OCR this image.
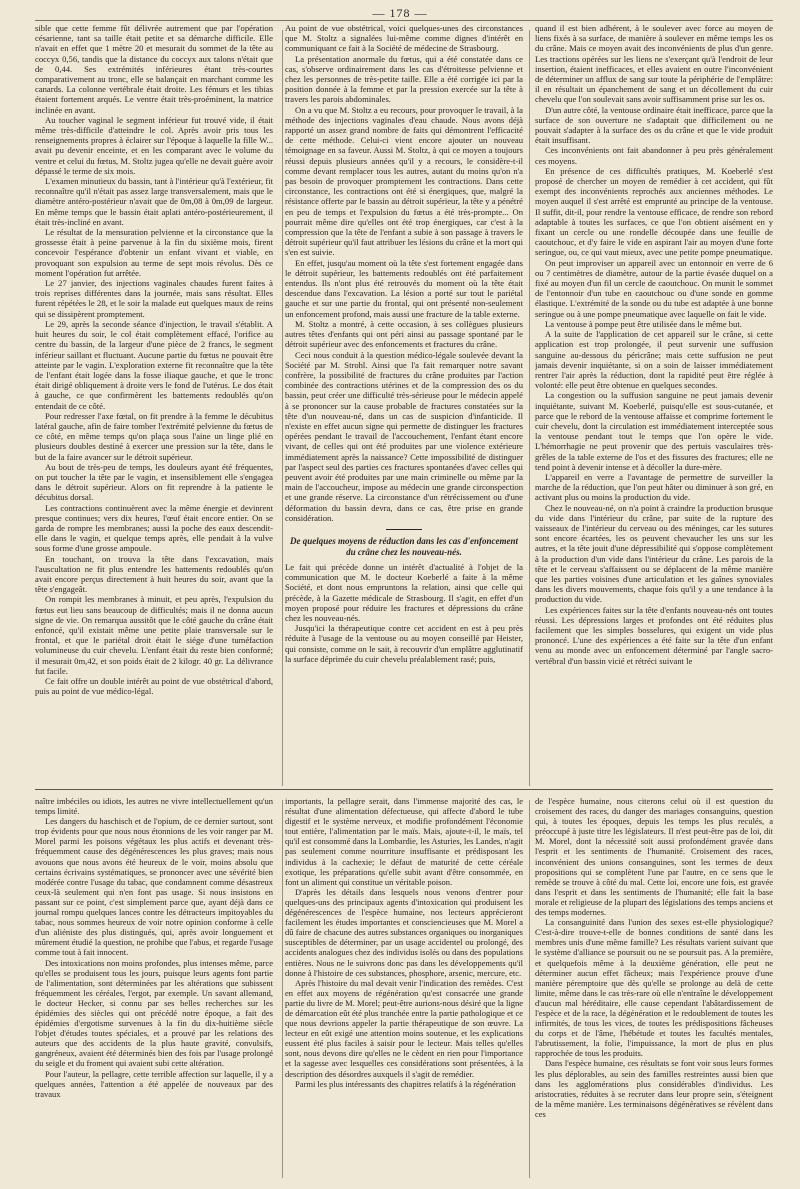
— 178 —

sible que cette femme fût délivrée autrement que par l'opération césarienne, tant sa taille était petite et sa démarche difficile. Elle n'avait en effet que 1 mètre 20 et mesurait du sommet de la tête au coccyx 0,56, tandis que la distance du coccyx aux talons n'était que de 0,44. Ses extrémités inférieures étant très-courtes comparativement au tronc, elle se balançait en marchant comme les canards. La colonne vertébrale était droite. Les fémurs et les tibias étaient fortement arqués. Le ventre était très-proéminent, la matrice inclinée en avant.

Au toucher vaginal le segment inférieur fut trouvé vide, il était même très-difficile d'atteindre le col. Après avoir pris tous les renseignements propres à éclairer sur l'époque à laquelle la fille W... avait pu devenir enceinte, et en les comparant avec le volume du ventre et celui du fœtus, M. Stoltz jugea qu'elle ne devait guère avoir dépassé le terme de six mois.

L'examen minutieux du bassin, tant à l'intérieur qu'à l'extérieur, fit reconnaître qu'il n'était pas assez large transversalement, mais que le diamètre antéro-postérieur n'avait que de 0m,08 à 0m,09 de largeur. En même temps que le bassin était aplati antéro-postérieurement, il était très-incliné en avant.

Le résultat de la mensuration pelvienne et la circonstance que la grossesse était à peine parvenue à la fin du sixième mois, firent concevoir l'espérance d'obtenir un enfant vivant et viable, en provoquant son expulsion au terme de sept mois révolus. Dès ce moment l'opération fut arrêtée.

Le 27 janvier, des injections vaginales chaudes furent faites à trois reprises différentes dans la journée, mais sans résultat. Elles furent répétées le 28, et le soir la malade eut quelques maux de reins qui se dissipèrent promptement.

Le 29, après la seconde séance d'injection, le travail s'établit. A huit heures du soir, le col était complètement effacé, l'orifice au centre du bassin, de la largeur d'une pièce de 2 francs, le segment inférieur saillant et fluctuant. Aucune partie du fœtus ne pouvait être atteinte par le vagin. L'exploration externe fit reconnaître que la tête de l'enfant était logée dans la fosse iliaque gauche, et que le tronc était dirigé obliquement à droite vers le fond de l'utérus. Le dos était à gauche, ce que confirmèrent les battements redoublés qu'on entendait de ce côté.

Pour redresser l'axe fœtal, on fit prendre à la femme le décubitus latéral gauche, afin de faire tomber l'extrémité pelvienne du fœtus de ce côté, en même temps qu'on plaça sous l'aine un linge plié en plusieurs doubles destiné à exercer une pression sur la tête, dans le but de la faire avancer sur le détroit supérieur.

Au bout de très-peu de temps, les douleurs ayant été fréquentes, on put toucher la tête par le vagin, et insensiblement elle s'engagea dans le détroit supérieur. Alors on fit reprendre à la patiente le décubitus dorsal.

Les contractions continuèrent avec la même énergie et devinrent presque continues; vers dix heures, l'œuf était encore entier. On se garda de rompre les membranes; aussi la poche des eaux descendit-elle dans le vagin, et quelque temps après, elle pendait à la vulve sous forme d'une grosse ampoule.

En touchant, on trouva la tête dans l'excavation, mais l'auscultation ne fit plus entendre les battements redoublés qu'on avait encore perçus directement à huit heures du soir, avant que la tête s'engageât.

On rompit les membranes à minuit, et peu après, l'expulsion du fœtus eut lieu sans beaucoup de difficultés; mais il ne donna aucun signe de vie. On remarqua aussitôt que le côté gauche du crâne était enfoncé, qu'il existait même une petite plaie transversale sur le frontal, et que le pariétal droit était le siége d'une tuméfaction volumineuse du cuir chevelu. L'enfant était du reste bien conformé; il mesurait 0m,42, et son poids était de 2 kilogr. 40 gr. La délivrance fut facile.

Ce fait offre un double intérêt au point de vue obstétrical d'abord, puis au point de vue médico-légal.

Au point de vue obstétrical, voici quelques-unes des circonstances que M. Stoltz a signalées lui-même comme dignes d'intérêt en communiquant ce fait à la Société de médecine de Strasbourg.

La présentation anormale du fœtus, qui a été constatée dans ce cas, s'observe ordinairement dans les cas d'étroitesse pelvienne et chez les personnes de très-petite taille. Elle a été corrigée ici par la position donnée à la femme et par la pression exercée sur la tête à travers les parois abdominales.

On a vu que M. Stoltz a eu recours, pour provoquer le travail, à la méthode des injections vaginales d'eau chaude. Nous avons déjà rapporté un assez grand nombre de faits qui démontrent l'efficacité de cette méthode. Celui-ci vient encore ajouter un nouveau témoignage en sa faveur. Aussi M. Stoltz, à qui ce moyen a toujours réussi depuis plusieurs années qu'il y a recours, le considère-t-il comme devant remplacer tous les autres, autant du moins qu'on n'a pas besoin de provoquer promptement les contractions. Dans cette circonstance, les contractions ont été si énergiques, que, malgré la résistance offerte par le bassin au détroit supérieur, la tête y a pénétré en peu de temps et l'expulsion du fœtus a été très-prompte... On pourrait même dire qu'elles ont été trop énergiques, car c'est à la compression que la tête de l'enfant a subie à son passage à travers le détroit supérieur qu'il faut attribuer les lésions du crâne et la mort qui s'en est suivie.

En effet, jusqu'au moment où la tête s'est fortement engagée dans le détroit supérieur, les battements redoublés ont été parfaitement entendus. Ils n'ont plus été retrouvés du moment où la tête était descendue dans l'excavation. La lésion a porté sur tout le pariétal gauche et sur une partie du frontal, qui ont présenté non-seulement un enfoncement profond, mais aussi une fracture de la table externe.

M. Stoltz a montré, à cette occasion, à ses collègues plusieurs autres têtes d'enfants qui ont péri ainsi au passage spontané par le détroit supérieur avec des enfoncements et fractures du crâne.

Ceci nous conduit à la question médico-légale soulevée devant la Société par M. Strohl. Ainsi que l'a fait remarquer notre savant confrère, la possibilité de fractures du crâne produites par l'action combinée des contractions utérines et de la compression des os du bassin, peut créer une difficulté très-sérieuse pour le médecin appelé à se prononcer sur la cause probable de fractures constatées sur la tête d'un nouveau-né, dans un cas de suspicion d'infanticide. Il n'existe en effet aucun signe qui permette de distinguer les fractures opérées pendant le travail de l'accouchement, l'enfant étant encore vivant, de celles qui ont été produites par une violence extérieure immédiatement après la naissance? Cette impossibilité de distinguer par l'aspect seul des parties ces fractures spontanées d'avec celles qui peuvent avoir été produites par une main criminelle ou même par la main de l'accoucheur, impose au médecin une grande circonspection et une grande réserve. La circonstance d'un rétrécissement ou d'une déformation du bassin devra, dans ce cas, être prise en grande considération.

De quelques moyens de réduction dans les cas d'enfoncement du crâne chez les nouveau-nés.

Le fait qui précède donne un intérêt d'actualité à l'objet de la communication que M. le docteur Koeberlé a faite à la même Société, et dont nous empruntons la relation, ainsi que celle qui précède, à la Gazette médicale de Strasbourg. Il s'agit, en effet d'un moyen proposé pour réduire les fractures et dépressions du crâne chez les nouveau-nés.

Jusqu'ici la thérapeutique contre cet accident en est à peu près réduite à l'usage de la ventouse ou au moyen conseillé par Heister, qui consiste, comme on le sait, à recouvrir d'un emplâtre agglutinatif la surface déprimée du cuir chevelu préalablement rasé; puis,

quand il est bien adhérent, à le soulever avec force au moyen de liens fixés à sa surface, de manière à soulever en même temps les os du crâne. Mais ce moyen avait des inconvénients de plus d'un genre. Les tractions opérées sur les liens ne s'exerçant qu'à l'endroit de leur insertion, étaient inefficaces, et elles avaient en outre l'inconvénient de déterminer un afflux de sang sur toute la périphérie de l'emplâtre: il en résultait un épanchement de sang et un décollement du cuir chevelu que l'on soulevait sans avoir suffisamment prise sur les os.

D'un autre côté, la ventouse ordinaire était inefficace, parce que la surface de son ouverture ne s'adaptait que difficilement ou ne pouvait s'adapter à la surface des os du crâne et que le vide produit était insuffisant.

Ces inconvénients ont fait abandonner à peu près généralement ces moyens.

En présence de ces difficultés pratiques, M. Koeberlé s'est proposé de chercher un moyen de remédier à cet accident, qui fût exempt des inconvénients reprochés aux anciennes méthodes. Le moyen auquel il s'est arrêté est emprunté au principe de la ventouse. Il suffit, dit-il, pour rendre la ventouse efficace, de rendre son rebord adaptable à toutes les surfaces, ce que l'on obtient aisément en y fixant un cercle ou une rondelle découpée dans une feuille de caoutchouc, et d'y faire le vide en aspirant l'air au moyen d'une forte seringue, ou, ce qui vaut mieux, avec une petite pompe pneumatique.

On peut improviser un appareil avec un entonnoir en verre de 6 ou 7 centimètres de diamètre, autour de la partie évasée duquel on a fixé au moyen d'un fil un cercle de caoutchouc. On munit le sommet de l'entonnoir d'un tube en caoutchouc ou d'une sonde en gomme élastique. L'extrémité de la sonde ou du tube est adaptée à une bonne seringue ou à une pompe pneumatique avec laquelle on fait le vide.

La ventouse à pompe peut être utilisée dans le même but.

A la suite de l'application de cet appareil sur le crâne, si cette application est trop prolongée, il peut survenir une suffusion sanguine au-dessous du péricrâne; mais cette suffusion ne peut jamais devenir inquiétante, si on a soin de laisser immédiatement rentrer l'air après la réduction, dont la rapidité peut être réglée à volonté: elle peut être obtenue en quelques secondes.

La congestion ou la suffusion sanguine ne peut jamais devenir inquiétante, suivant M. Koeberlé, puisqu'elle est sous-cutanée, et parce que le rebord de la ventouse affaisse et comprime fortement le cuir chevelu, dont la circulation est immédiatement interceptée sous la ventouse pendant tout le temps que l'on opère le vide. L'hémorrhagie ne peut provenir que des pertuis vasculaires très-grêles de la table externe de l'os et des fissures des fractures; elle ne tend point à devenir intense et à décoller la dure-mère.

L'appareil en verre a l'avantage de permettre de surveiller la marche de la réduction, que l'on peut hâter ou diminuer à son gré, en activant plus ou moins la production du vide.

Chez le nouveau-né, on n'a point à craindre la production brusque du vide dans l'intérieur du crâne, par suite de la rupture des vaisseaux de l'intérieur du cerveau ou des méninges, car les sutures sont encore écartées, les os peuvent chevaucher les uns sur les autres, et la tête jouit d'une dépressibilité qui s'oppose complètement à la production d'un vide dans l'intérieur du crâne. Les parois de la tête et le cerveau s'affaissent ou se déplacent de la même manière que les parties voisines d'une articulation et les gaînes synoviales dans les divers mouvements, chaque fois qu'il y a une tendance à la production du vide.

Les expériences faites sur la tête d'enfants nouveau-nés ont toutes réussi. Les dépressions larges et profondes ont été réduites plus facilement que les simples bosselures, qui exigent un vide plus prononcé. L'une des expériences a été faite sur la tête d'un enfant venu au monde avec un enfoncement déterminé par l'angle sacro-vertébral d'un bassin vicié et rétréci suivant le

naître imbéciles ou idiots, les autres ne vivre intellectuellement qu'un temps limité.

Les dangers du haschisch et de l'opium, de ce dernier surtout, sont trop évidents pour que nous nous étonnions de les voir ranger par M. Morel parmi les poisons végétaux les plus actifs et devenant très-fréquemment cause des dégénérescences les plus graves; mais nous avouons que nous avons été heureux de le voir, moins absolu que certains écrivains systématiques, se prononcer avec une sévérité bien modérée contre l'usage du tabac, que condamnent comme désastreux ceux-là seulement qui n'en font pas usage. Si nous insistons en passant sur ce point, c'est simplement parce que, ayant déjà dans ce journal rompu quelques lances contre les détracteurs impitoyables du tabac, nous sommes heureux de voir notre opinion conforme à celle d'un aliéniste des plus distingués, qui, après avoir longuement et mûrement étudié la question, ne prohibe que l'abus, et regarde l'usage comme tout à fait innocent.

Des intoxications non moins profondes, plus intenses même, parce qu'elles se produisent tous les jours, puisque leurs agents font partie de l'alimentation, sont déterminées par les altérations que subissent fréquemment les céréales, l'ergot, par exemple. Un savant allemand, le docteur Hecker, si connu par ses belles recherches sur les épidémies des siècles qui ont précédé notre époque, a fait des épidémies d'ergotisme survenues à la fin du dix-huitième siècle l'objet d'études toutes spéciales, et a prouvé par les relations des auteurs que des accidents de la plus haute gravité, convulsifs, gangréneux, avaient été déterminés bien des fois par l'usage prolongé du seigle et du froment qui avaient subi cette altération.

Pour l'auteur, la pellagre, cette terrible affection sur laquelle, il y a quelques années, l'attention a été appelée de nouveaux par des travaux

importants, la pellagre serait, dans l'immense majorité des cas, le résultat d'une alimentation défectueuse, qui affecte d'abord le tube digestif et le système nerveux, et modifie profondément l'économie tout entière, l'alimentation par le maïs. Mais, ajoute-t-il, le maïs, tel qu'il est consommé dans la Lombardie, les Asturies, les Landes, n'agit pas seulement comme nourriture insuffisante et prédisposant les individus à la cachexie; le défaut de maturité de cette céréale exotique, les préparations qu'elle subit avant d'être consommée, en font un aliment qui constitue un véritable poison.

D'après les détails dans lesquels nous venons d'entrer pour quelques-uns des principaux agents d'intoxication qui produisent les dégénérescences de l'espèce humaine, nos lecteurs apprécieront facilement les études importantes et consciencieuses que M. Morel a dû faire de chacune des autres substances organiques ou inorganiques susceptibles de déterminer, par un usage accidentel ou prolongé, des accidents analogues chez des individus isolés ou dans des populations entières. Nous ne le suivrons donc pas dans les développements qu'il donne à l'histoire de ces substances, phosphore, arsenic, mercure, etc.

Après l'histoire du mal devait venir l'indication des remèdes. C'est en effet aux moyens de régénération qu'est consacrée une grande partie du livre de M. Morel; peut-être aurions-nous désiré que la ligne de démarcation eût été plus tranchée entre la partie pathologique et ce que nous devrions appeler la partie thérapeutique de son œuvre. La lecteur en eût exigé une attention moins soutenue, et les explications eussent été plus faciles à saisir pour le lecteur. Mais telles qu'elles sont, nous devons dire qu'elles ne le cèdent en rien pour l'importance et la sagesse avec lesquelles ces considérations sont présentées, à la description des désordres auxquels il s'agit de remédier.

Parmi les plus intéressants des chapitres relatifs à la régénération

de l'espèce humaine, nous citerons celui où il est question du croisement des races, du danger des mariages consanguins, question qui, à toutes les époques, depuis les temps les plus reculés, a préoccupé à juste titre les législateurs. Il n'est peut-être pas de loi, dit M. Morel, dont la nécessité soit aussi profondément gravée dans l'esprit et les sentiments de l'humanité. Croisement des races, inconvénient des unions consanguines, sont les termes de deux propositions qui se complètent l'une par l'autre, en ce sens que le remède se trouve à côté du mal. Cette loi, encore une fois, est gravée dans l'esprit et dans les sentiments de l'humanité; elle fait la base morale et religieuse de la plupart des législations des temps anciens et des temps modernes.

La consanguinité dans l'union des sexes est-elle physiologique? C'est-à-dire trouve-t-elle de bonnes conditions de santé dans les membres unis d'une même famille? Les résultats varient suivant que le système d'alliance se poursuit ou ne se poursuit pas. A la première, et quelquefois même à la deuxième génération, elle peut ne déterminer aucun effet fâcheux; mais l'expérience prouve d'une manière péremptoire que dès qu'elle se prolonge au delà de cette limite, même dans le cas très-rare où elle n'entraîne le développement d'aucun mal héréditaire, elle cause cependant l'abâtardissement de l'espèce et de la race, la dégénération et le redoublement de toutes les infirmités, de tous les vices, de toutes les prédispositions fâcheuses du corps et de l'âme, l'hébétude et toutes les facultés mentales, l'abrutissement, la folie, l'impuissance, la mort de plus en plus rapprochée de tous les produits.

Dans l'espèce humaine, ces résultats se font voir sous leurs formes les plus déplorables, au sein des familles restreintes aussi bien que dans les agglomérations plus considérables d'individus. Les aristocraties, réduites à se recruter dans leur propre sein, s'éteignent de la même manière. Les terminaisons dégénératives se révèlent dans ces
